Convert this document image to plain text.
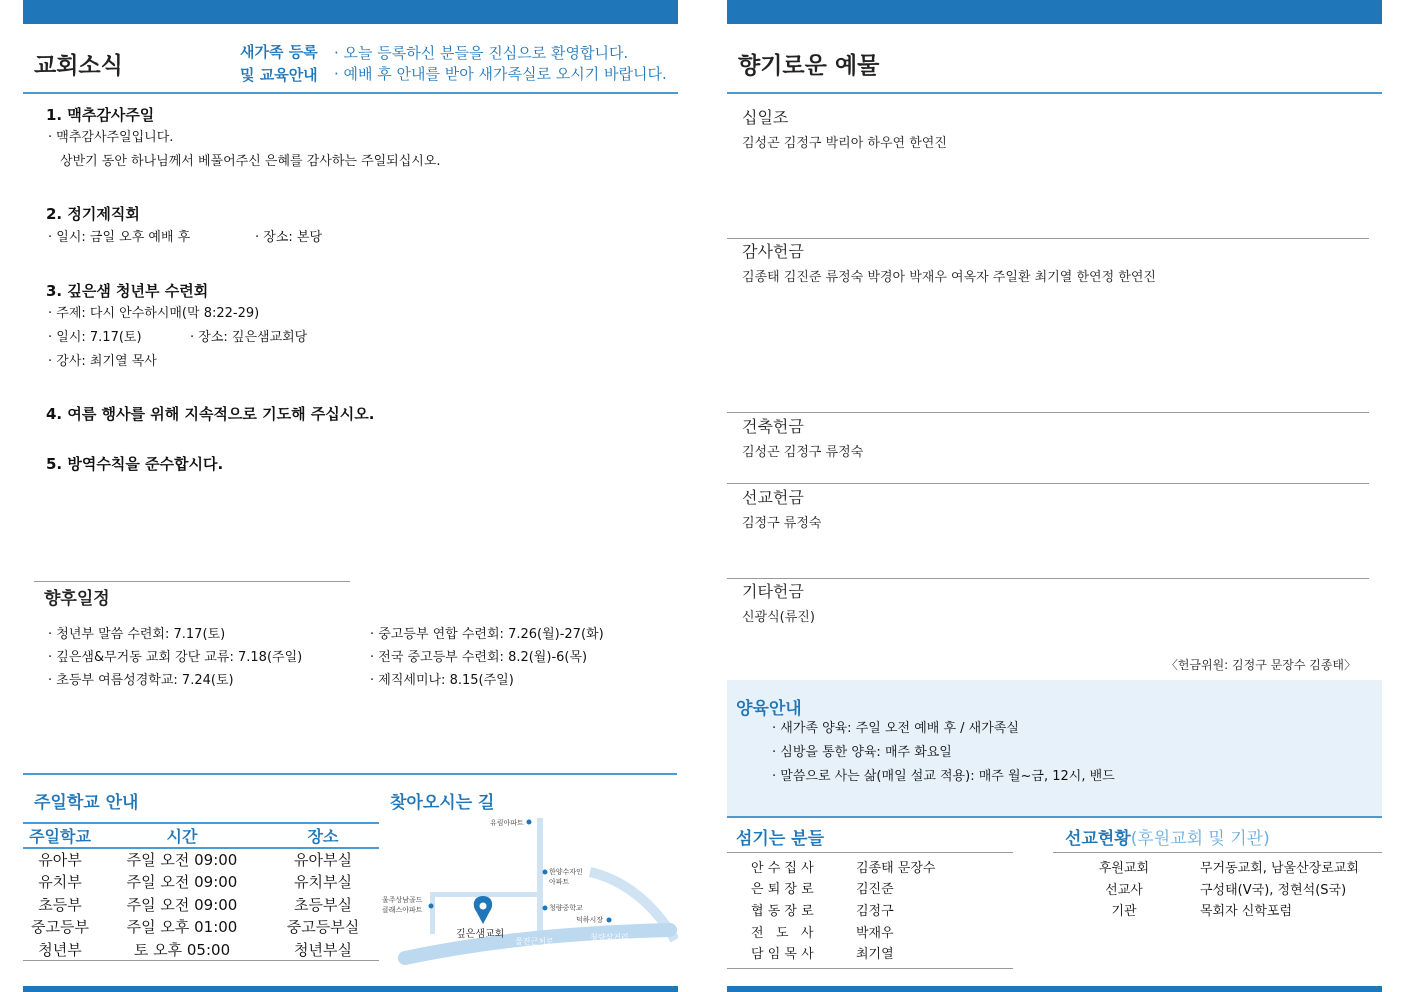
교회소식
새가족 등록
및 교육안내
· 오늘 등록하신 분들을 진심으로 환영합니다.
· 예배 후 안내를 받아 새가족실로 오시기 바랍니다.
1. 맥추감사주일
· 맥추감사주일입니다.
상반기 동안 하나님께서 베풀어주신 은혜를 감사하는 주일되십시오.
2. 정기제직회
· 일시: 금일 오후 예배 후	· 장소: 본당
3. 깊은샘 청년부 수련회
· 주제: 다시 안수하시매(막 8:22-29)
· 일시: 7.17(토)	· 장소: 깊은샘교회당
· 강사: 최기열 목사
4. 여름 행사를 위해 지속적으로 기도해 주십시오.
5. 방역수칙을 준수합시다.
향후일정
· 청년부 말씀 수련회: 7.17(토)
· 깊은샘&무거동 교회 강단 교류: 7.18(주일)
· 초등부 여름성경학교: 7.24(토)
· 중고등부 연합 수련회: 7.26(월)-27(화)
· 전국 중고등부 수련회: 8.2(월)-6(목)
· 제직세미나: 8.15(주일)
주일학교 안내
주일학교	시간	장소
유아부	주일 오전 09:00	유아부실
유치부	주일 오전 09:00	유치부실
초등부	주일 오전 09:00	초등부실
중고등부	주일 오후 01:00	중고등부실
청년부	토 오후 05:00	청년부실
찾아오시는 길
유림아파트
한양수자인
아파트
울주상남골드
클래스아파트	청량중학교
덕하시장
깊은샘교회
울진근처로	청량삼거리
향기로운 예물
십일조
김성곤 김정구 박리아 하우연 한연진
감사헌금
김종태 김진준 류정숙 박경아 박재우 여옥자 주일환 최기열 한연정 한연진
건축헌금
김성곤 김정구 류정숙
선교헌금
김정구 류정숙
기타헌금
신광식(류진)
〈헌금위원: 김정구 문장수 김종태〉
양육안내
· 새가족 양육: 주일 오전 예배 후 / 새가족실
· 심방을 통한 양육: 매주 화요일
· 말씀으로 사는 삶(매일 설교 적용): 매주 월~금, 12시, 밴드
섬기는 분들
안 수 집 사	김종태 문장수
은 퇴 장 로	김진준
협 동 장 로	김정구
전   도   사	박재우
담 임 목 사	최기열
선교현황(후원교회 및 기관)
후원교회	무거동교회, 남울산장로교회
선교사	구성태(V국), 정현석(S국)
기관	목회자 신학포럼
